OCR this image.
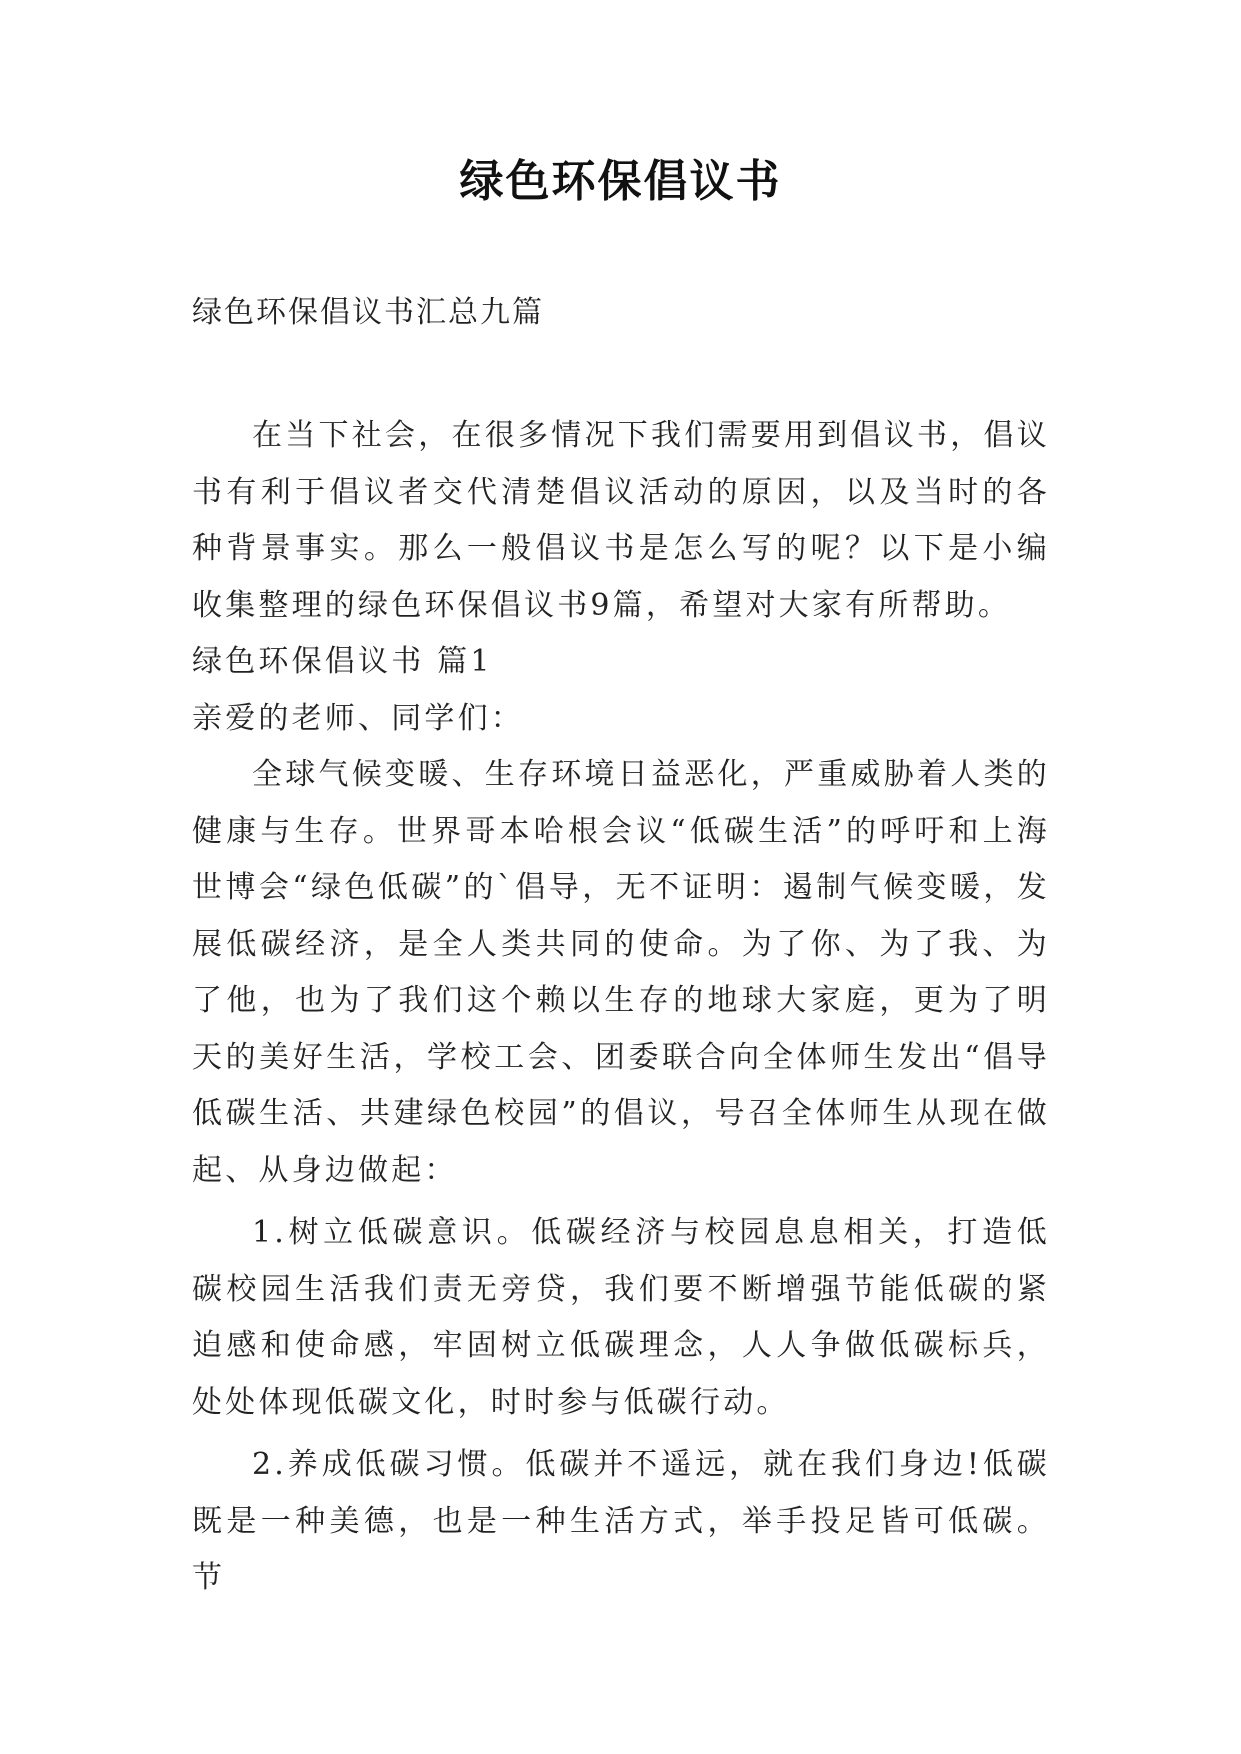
绿色环保倡议书
绿色环保倡议书汇总九篇

在当下社会，在很多情况下我们需要用到倡议书，倡议书有利于倡议者交代清楚倡议活动的原因，以及当时的各种背景事实。那么一般倡议书是怎么写的呢？以下是小编收集整理的绿色环保倡议书9篇，希望对大家有所帮助。

绿色环保倡议书 篇1

亲爱的老师、同学们：

全球气候变暖、生存环境日益恶化，严重威胁着人类的健康与生存。世界哥本哈根会议“低碳生活”的呼吁和上海世博会“绿色低碳”的`倡导，无不证明：遏制气候变暖，发展低碳经济，是全人类共同的使命。为了你、为了我、为了他，也为了我们这个赖以生存的地球大家庭，更为了明天的美好生活，学校工会、团委联合向全体师生发出“倡导低碳生活、共建绿色校园”的倡议，号召全体师生从现在做起、从身边做起：

1.树立低碳意识。低碳经济与校园息息相关，打造低碳校园生活我们责无旁贷，我们要不断增强节能低碳的紧迫感和使命感，牢固树立低碳理念，人人争做低碳标兵，处处体现低碳文化，时时参与低碳行动。

2.养成低碳习惯。低碳并不遥远，就在我们身边!低碳既是一种美德，也是一种生活方式，举手投足皆可低碳。节
